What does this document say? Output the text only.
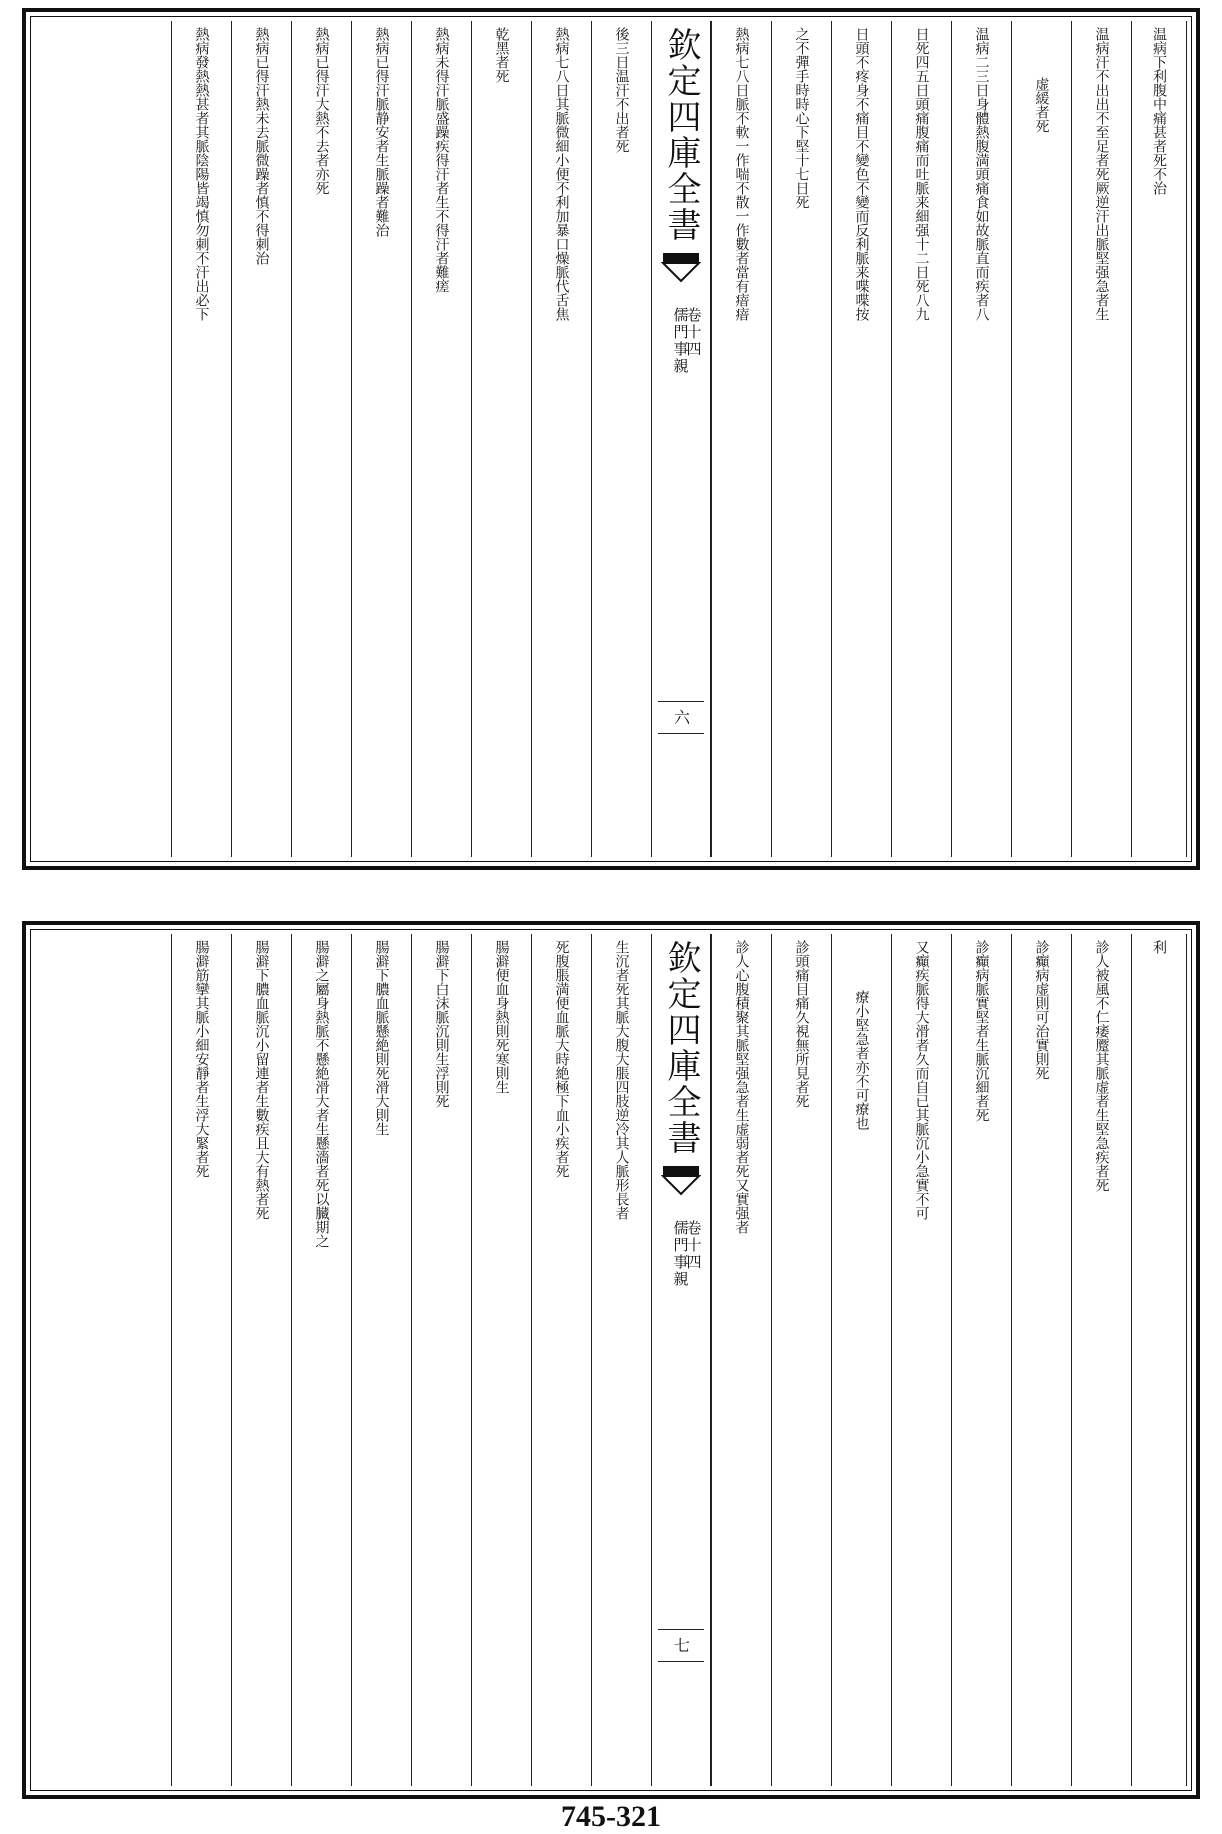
温病下利腹中痛甚者死不治
温病汗不出出不至足者死厥逆汗出脈堅强急者生
虚緩者死
温病二三日身體熱腹満頭痛食如故脈直而疾者八
日死四五日頭痛腹痛而吐脈来細强十二日死八九
日頭不疼身不痛目不變色不變而反利脈来喋喋按
之不彈手時時心下堅十七日死
熱病七八日脈不軟一作喘不散一作數者當有瘖瘖
欽定四庫全書
儒門事親
卷十四
六
後三日温汗不出者死
熱病七八日其脈微細小便不利加暴口燥脈代舌焦
乾黑者死
熱病未得汗脈盛躁疾得汗者生不得汗者難瘥
熱病已得汗脈静安者生脈躁者難治
熱病已得汗大熱不去者亦死
熱病已得汗熱未去脈微躁者慎不得刺治
熱病發熱熱甚者其脈陰陽皆竭慎勿刺不汗出必下
利
診人被風不仁痿蹷其脈虚者生堅急疾者死
診癲病虚則可治實則死
診癲病脈實堅者生脈沉細者死
又癲疾脈得大滑者久而自已其脈沉小急實不可
療小堅急者亦不可療也
診頭痛目痛久視無所見者死
診人心腹積聚其脈堅强急者生虚弱者死又實强者
欽定四庫全書
儒門事親
卷十四
七
生沉者死其脈大腹大脹四肢逆冷其人脈形長者
死腹脹満便血脈大時絶極下血小疾者死
腸澼便血身熱則死寒則生
腸澼下白沫脈沉則生浮則死
腸澼下膿血脈懸絶則死滑大則生
腸澼之屬身熱脈不懸絶滑大者生懸濇者死以臓期之
腸澼下膿血脈沉小留連者生數疾且大有熱者死
腸澼筋攣其脈小細安靜者生浮大緊者死
745-321
